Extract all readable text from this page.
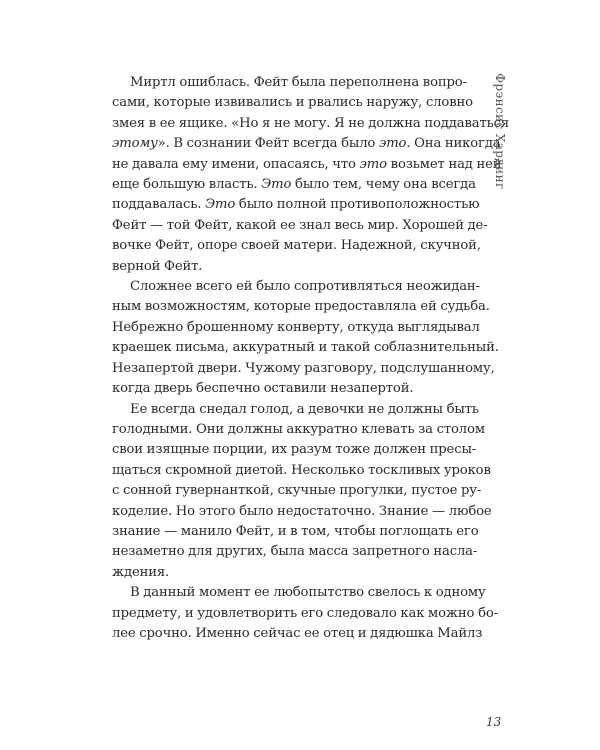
Фрэнсис Хардинг
Миртл ошиблась. Фейт была переполнена вопро-
сами, которые извивались и рвались наружу, словно
змея в ее ящике. «Но я не могу. Я не должна поддаваться
этому». В сознании Фейт всегда было это. Она никогда
не давала ему имени, опасаясь, что это возьмет над ней
еще большую власть. Это было тем, чему она всегда
поддавалась. Это было полной противоположностью
Фейт — той Фейт, какой ее знал весь мир. Хорошей де-
вочке Фейт, опоре своей матери. Надежной, скучной,
верной Фейт.
Сложнее всего ей было сопротивляться неожидан-
ным возможностям, которые предоставляла ей судьба.
Небрежно брошенному конверту, откуда выглядывал
краешек письма, аккуратный и такой соблазнительный.
Незапертой двери. Чужому разговору, подслушанному,
когда дверь беспечно оставили незапертой.
Ее всегда снедал голод, а девочки не должны быть
голодными. Они должны аккуратно клевать за столом
свои изящные порции, их разум тоже должен пресы-
щаться скромной диетой. Несколько тоскливых уроков
с сонной гувернанткой, скучные прогулки, пустое ру-
коделие. Но этого было недостаточно. Знание — любое
знание — манило Фейт, и в том, чтобы поглощать его
незаметно для других, была масса запретного насла-
ждения.
В данный момент ее любопытство свелось к одному
предмету, и удовлетворить его следовало как можно бо-
лее срочно. Именно сейчас ее отец и дядюшка Майлз
13
